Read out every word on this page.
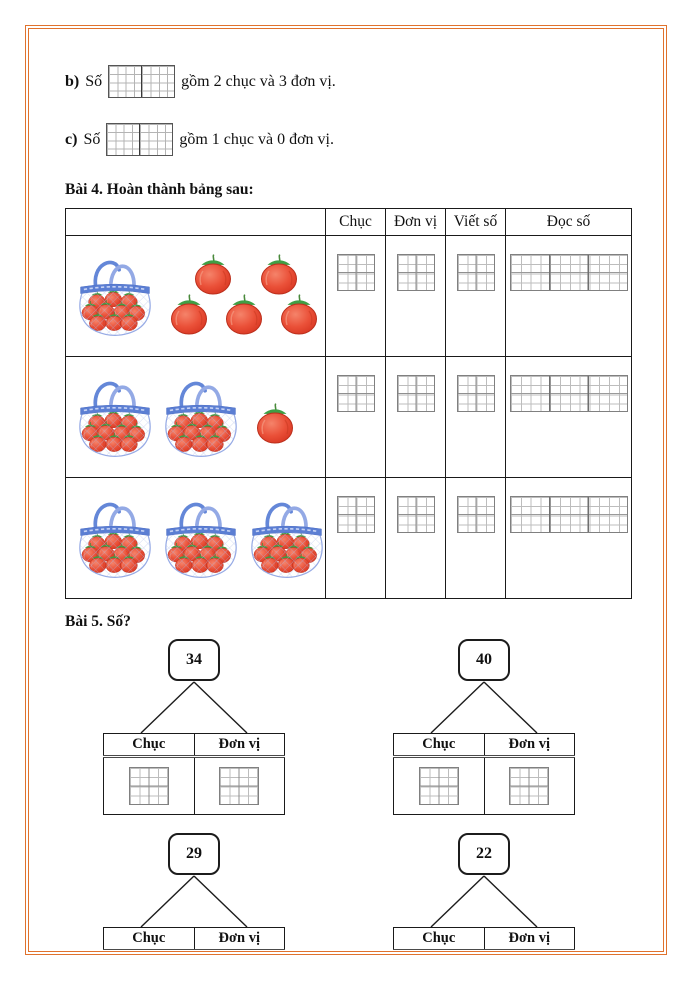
b) Số	gồm 2 chục và 3 đơn vị.
c) Số	gồm 1 chục và 0 đơn vị.
Bài 4. Hoàn thành bảng sau:
	Chục	Đơn vị	Viết số	Đọc số

Bài 5. Số?
34
Chục	Đơn vị

40
Chục	Đơn vị

29
Chục	Đơn vị

22
Chục	Đơn vị
